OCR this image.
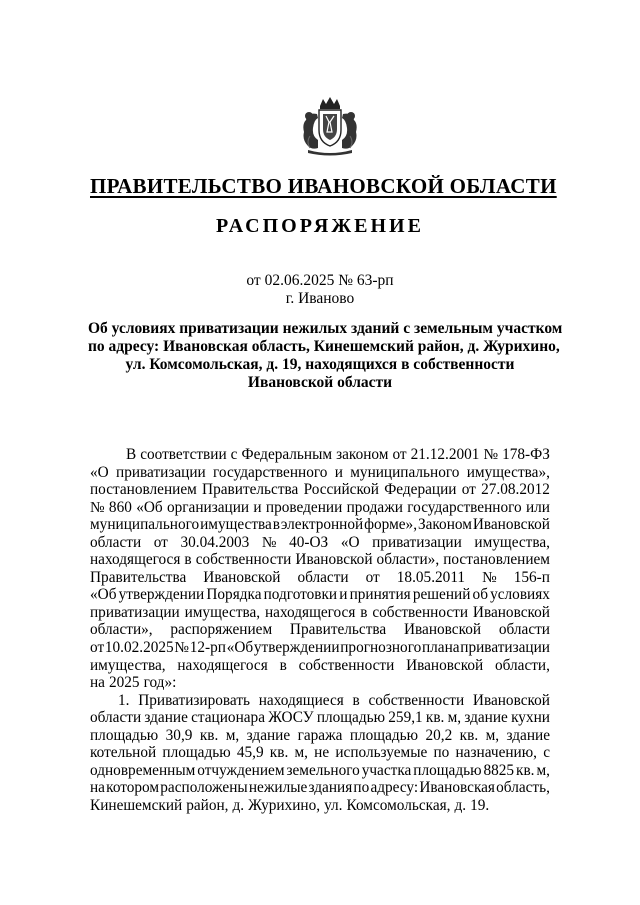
ПРАВИТЕЛЬСТВО ИВАНОВСКОЙ ОБЛАСТИ
РАСПОРЯЖЕНИЕ
от 02.06.2025 № 63-рп
г. Иваново
Об условиях приватизации нежилых зданий с земельным участком
по адресу: Ивановская область, Кинешемский район, д. Журихино,
ул. Комсомольская, д. 19, находящихся в собственности
Ивановской области
В соответствии с Федеральным законом от 21.12.2001 № 178-ФЗ
«О приватизации государственного и муниципального имущества»,
постановлением Правительства Российской Федерации от 27.08.2012
№ 860 «Об организации и проведении продажи государственного или
муниципального имущества в электронной форме», Законом Ивановской
области от 30.04.2003 № 40-ОЗ «О приватизации имущества,
находящегося в собственности Ивановской области», постановлением
Правительства Ивановской области от 18.05.2011 № 156-п
«Об утверждении Порядка подготовки и принятия решений об условиях
приватизации имущества, находящегося в собственности Ивановской
области», распоряжением Правительства Ивановской области
от 10.02.2025 № 12-рп «Об утверждении прогнозного плана приватизации
имущества, находящегося в собственности Ивановской области,
на 2025 год»:
1. Приватизировать находящиеся в собственности Ивановской
области здание стационара ЖОСУ площадью 259,1 кв. м, здание кухни
площадью 30,9 кв. м, здание гаража площадью 20,2 кв. м, здание
котельной площадью 45,9 кв. м, не используемые по назначению, с
одновременным отчуждением земельного участка площадью 8825 кв. м,
на котором расположены нежилые здания по адресу: Ивановская область,
Кинешемский район, д. Журихино, ул. Комсомольская, д. 19.
